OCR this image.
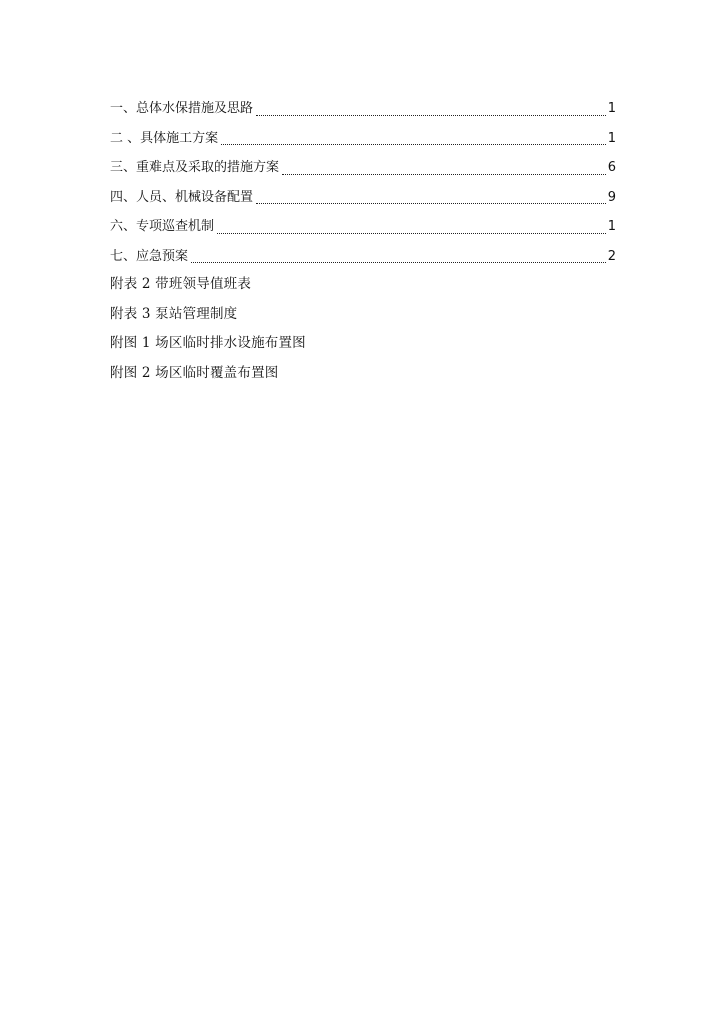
一、总体水保措施及思路	1
二 、具体施工方案	1
三、重难点及采取的措施方案	6
四、人员、机械设备配置	9
六、专项巡查机制	1
七、应急预案	2
附表 2 带班领导值班表
附表 3 泵站管理制度
附图 1 场区临时排水设施布置图
附图 2 场区临时覆盖布置图
